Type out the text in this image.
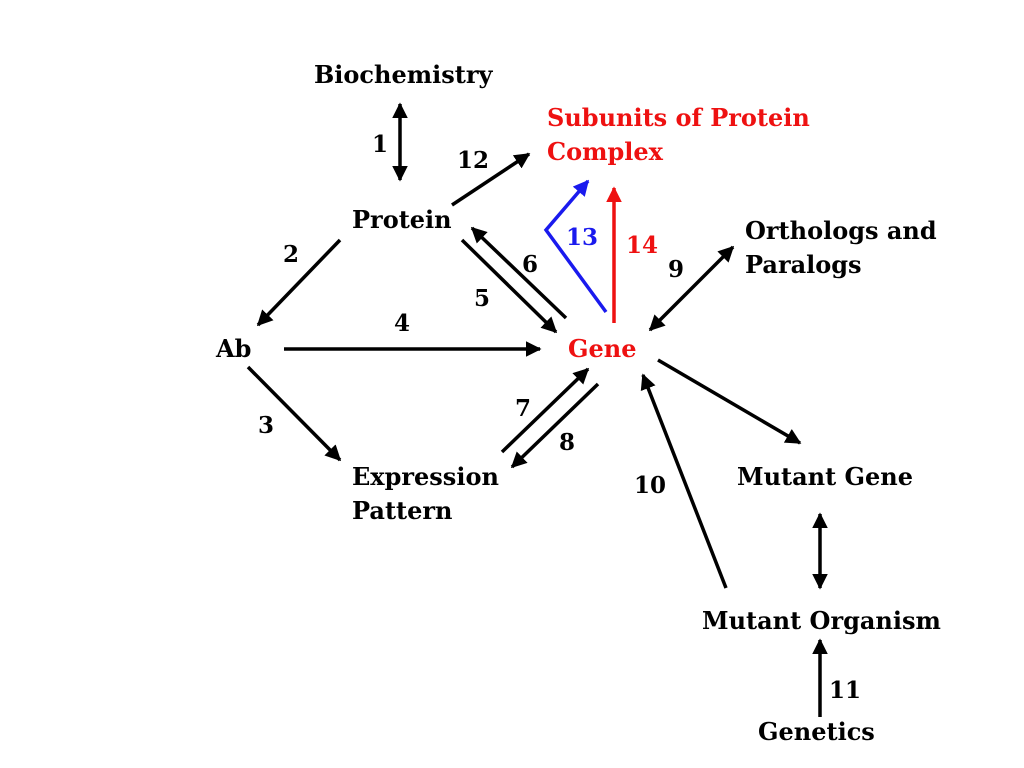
Biochemistry
Protein
Subunits of Protein
Complex
Orthologs and
Paralogs
Ab	Gene
Expression
Pattern
Mutant Gene
Mutant Organism
Genetics
1
12
2
13 14
6	9
5
4
3
7
8
10
11
